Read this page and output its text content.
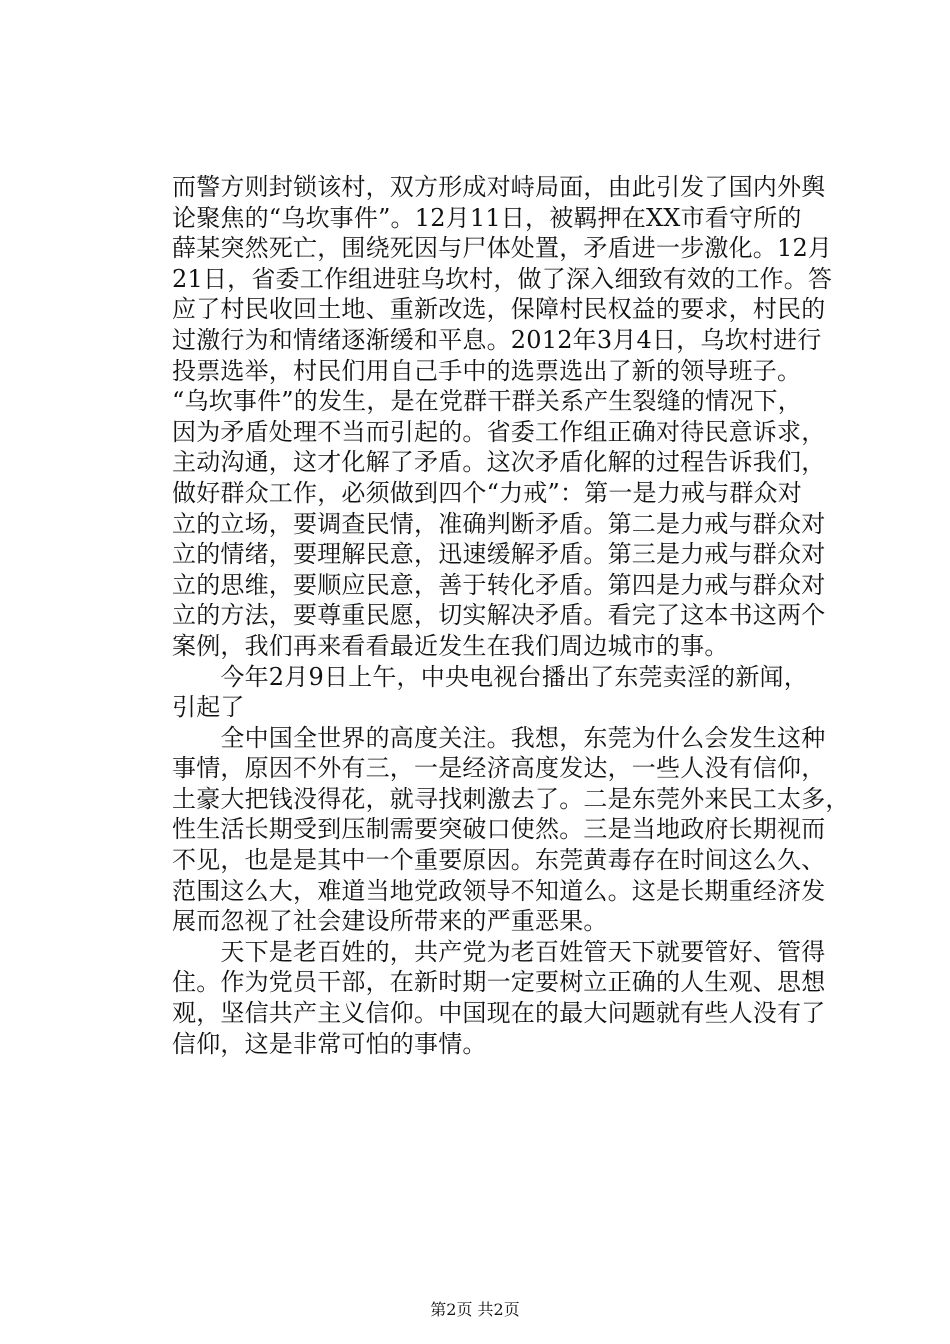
而警方则封锁该村，双方形成对峙局面，由此引发了国内外舆
论聚焦的“乌坎事件”。12月11日，被羁押在XX市看守所的
薛某突然死亡，围绕死因与尸体处置，矛盾进一步激化。12月
21日，省委工作组进驻乌坎村，做了深入细致有效的工作。答
应了村民收回土地、重新改选，保障村民权益的要求，村民的
过激行为和情绪逐渐缓和平息。2012年3月4日，乌坎村进行
投票选举，村民们用自己手中的选票选出了新的领导班子。
“乌坎事件”的发生，是在党群干群关系产生裂缝的情况下，
因为矛盾处理不当而引起的。省委工作组正确对待民意诉求，
主动沟通，这才化解了矛盾。这次矛盾化解的过程告诉我们，
做好群众工作，必须做到四个“力戒”：第一是力戒与群众对
立的立场，要调查民情，准确判断矛盾。第二是力戒与群众对
立的情绪，要理解民意，迅速缓解矛盾。第三是力戒与群众对
立的思维，要顺应民意，善于转化矛盾。第四是力戒与群众对
立的方法，要尊重民愿，切实解决矛盾。看完了这本书这两个
案例，我们再来看看最近发生在我们周边城市的事。
　　今年2月9日上午，中央电视台播出了东莞卖淫的新闻，
引起了
　　全中国全世界的高度关注。我想，东莞为什么会发生这种
事情，原因不外有三，一是经济高度发达，一些人没有信仰，
土豪大把钱没得花，就寻找刺激去了。二是东莞外来民工太多，
性生活长期受到压制需要突破口使然。三是当地政府长期视而
不见，也是是其中一个重要原因。东莞黄毒存在时间这么久、
范围这么大，难道当地党政领导不知道么。这是长期重经济发
展而忽视了社会建设所带来的严重恶果。
　　天下是老百姓的，共产党为老百姓管天下就要管好、管得
住。作为党员干部，在新时期一定要树立正确的人生观、思想
观，坚信共产主义信仰。中国现在的最大问题就有些人没有了
信仰，这是非常可怕的事情。
第2页 共2页
